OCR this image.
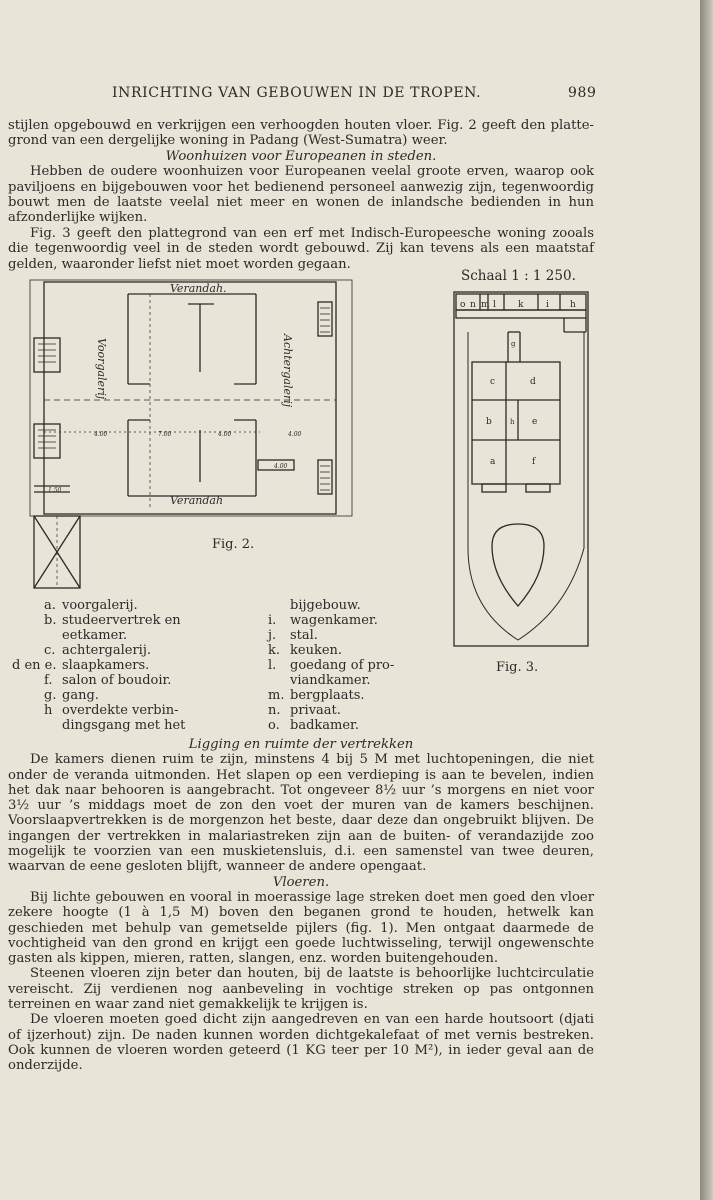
INRICHTING VAN GEBOUWEN IN DE TROPEN.	989

stijlen opgebouwd en verkrijgen een verhoogden houten vloer. Fig. 2 geeft den platte-grond van een dergelijke woning in Padang (West-Sumatra) weer.

Woonhuizen voor Europeanen in steden.

Hebben de oudere woonhuizen voor Europeanen veelal groote erven, waarop ook paviljoens en bijgebouwen voor het bedienend personeel aanwezig zijn, tegenwoordig bouwt men de laatste veelal niet meer en wonen de inlandsche bedienden in hun afzonderlijke wijken.

Fig. 3 geeft den plattegrond van een erf met Indisch-Europeesche woning zooals die tegenwoordig veel in de steden wordt gebouwd. Zij kan tevens als een maatstaf gelden, waaronder liefst niet moet worden gegaan.

Verandah.
Verandah
Voorgalerij	Achtergalerij
4.00	7.00	4.00	4.00
1.50
4.00
Fig. 2.
Schaal 1 : 1 250.
o n m l k	i h
g
c	d
b	h e
a	f
Fig. 3.
a. voorgalerij.
b. studeervertrek en
eetkamer.
c. achtergalerij.
d en e. slaapkamers.
f. salon of boudoir.
g. gang.
h overdekte verbin-
dingsgang met het
bijgebouw.
i. wagenkamer.
j. stal.
k. keuken.
l. goedang of pro-
viandkamer.
m. bergplaats.
n. privaat.
o. badkamer.

Ligging en ruimte der vertrekken

De kamers dienen ruim te zijn, minstens 4 bij 5 M met luchtopeningen, die niet onder de veranda uitmonden. Het slapen op een verdieping is aan te bevelen, indien het dak naar behooren is aangebracht. Tot ongeveer 8½ uur ’s morgens en niet voor 3½ uur ’s middags moet de zon den voet der muren van de kamers beschijnen. Voorslaapvertrekken is de morgenzon het beste, daar deze dan ongebruikt blijven. De ingangen der vertrekken in malariastreken zijn aan de buiten- of verandazijde zoo mogelijk te voorzien van een muskietensluis, d.i. een samenstel van twee deuren, waarvan de eene gesloten blijft, wanneer de andere opengaat.

Vloeren.

Bij lichte gebouwen en vooral in moerassige lage streken doet men goed den vloer zekere hoogte (1 à 1,5 M) boven den beganen grond te houden, hetwelk kan geschieden met behulp van gemetselde pijlers (fig. 1). Men ontgaat daarmede de vochtigheid van den grond en krijgt een goede luchtwisseling, terwijl ongewenschte gasten als kippen, mieren, ratten, slangen, enz. worden buitengehouden.

Steenen vloeren zijn beter dan houten, bij de laatste is behoorlijke luchtcirculatie vereischt. Zij verdienen nog aanbeveling in vochtige streken op pas ontgonnen terreinen en waar zand niet gemakkelijk te krijgen is.

De vloeren moeten goed dicht zijn aangedreven en van een harde houtsoort (djati of ijzerhout) zijn. De naden kunnen worden dichtgekalefaat of met vernis bestreken. Ook kunnen de vloeren worden geteerd (1 KG teer per 10 M²), in ieder geval aan de onderzijde.
